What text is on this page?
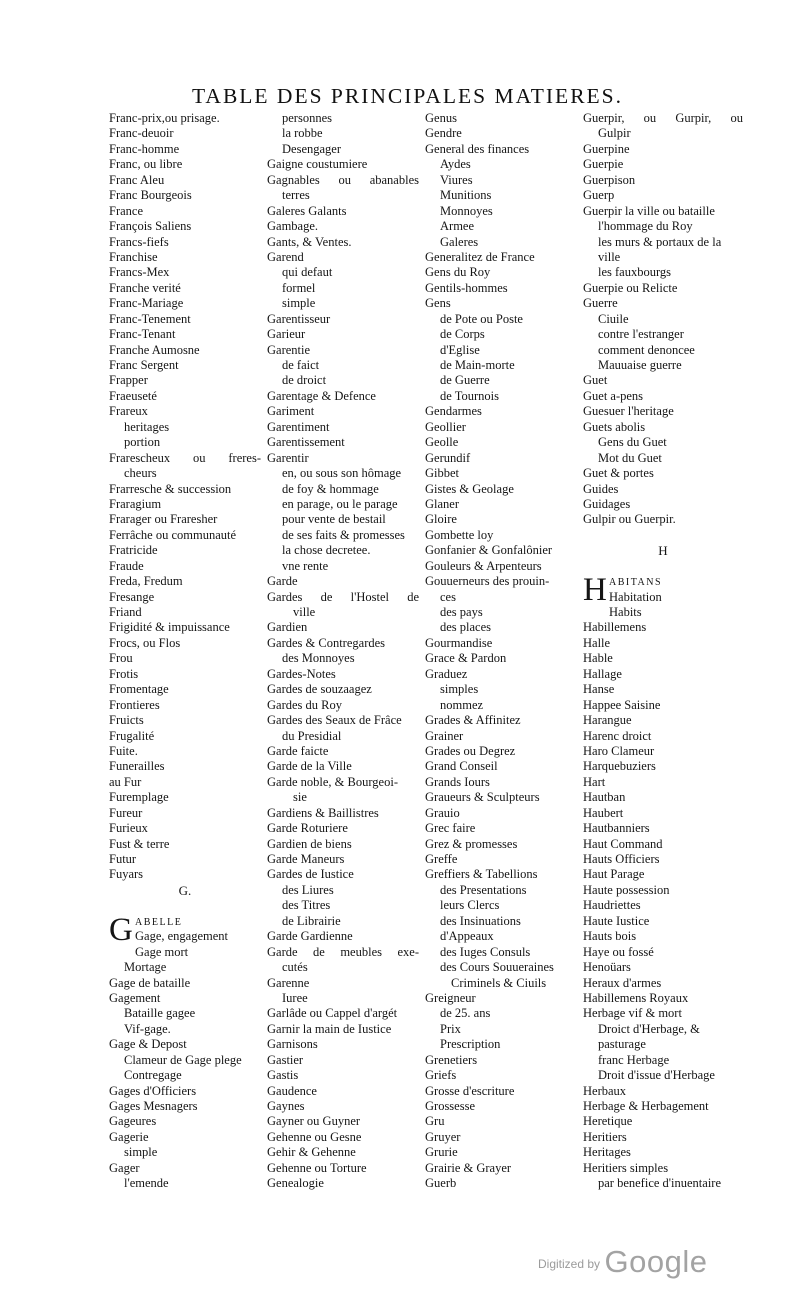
TABLE DES PRINCIPALES MATIERES.
Franc-prix,ou prisage.
Franc-deuoir
Franc-homme
Franc, ou libre
Franc Aleu
Franc Bourgeois
France
François Saliens
Francs-fiefs
Franchise
Francs-Mex
Franche verité
Franc-Mariage
Franc-Tenement
Franc-Tenant
Franche Aumosne
Franc Sergent
Frapper
Fraeuseté
Frareux
heritages
portion
Frarescheux ou freres-
cheurs
Frarresche & succession
Fraragium
Frarager ou Fraresher
Ferrâche ou communauté
Fratricide
Fraude
Freda, Fredum
Fresange
Friand
Frigidité & impuissance
Frocs, ou Flos
Frou
Frotis
Fromentage
Frontieres
Fruicts
Frugalité
Fuite.
Funerailles
au Fur
Furemplage
Fureur
Furieux
Fust & terre
Futur
Fuyars
G.
G ABELLE
Gage, engagement
Gage mort
Mortage
Gage de bataille
Gagement
Bataille gagee
Vif-gage.
Gage & Depost
Clameur de Gage plege
Contregage
Gages d'Officiers
Gages Mesnagers
Gageures
Gagerie
simple
Gager
l'emende
personnes
la robbe
Desengager
Gaigne coustumiere
Gagnables ou abanables
terres
Galeres Galants
Gambage.
Gants, & Ventes.
Garend
qui defaut
formel
simple
Garentisseur
Garieur
Garentie
de faict
de droict
Garentage & Defence
Gariment
Garentiment
Garentissement
Garentir
en, ou sous son hômage
de foy & hommage
en parage, ou le parage
pour vente de bestail
de ses faits & promesses
la chose decretee.
vne rente
Garde
Gardes de l'Hostel de
ville
Gardien
Gardes & Contregardes
des Monnoyes
Gardes-Notes
Gardes de souzaagez
Gardes du Roy
Gardes des Seaux de Frâce
du Presidial
Garde faicte
Garde de la Ville
Garde noble, & Bourgeoi-
sie
Gardiens & Baillistres
Garde Roturiere
Gardien de biens
Garde Maneurs
Gardes de Iustice
des Liures
des Titres
de Librairie
Garde Gardienne
Garde de meubles exe-
cutés
Garenne
Iuree
Garlâde ou Cappel d'argét
Garnir la main de Iustice
Garnisons
Gastier
Gastis
Gaudence
Gaynes
Gayner ou Guyner
Gehenne ou Gesne
Gehir & Gehenne
Gehenne ou Torture
Genealogie
Genus
Gendre
General des finances
Aydes
Viures
Munitions
Monnoyes
Armee
Galeres
Generalitez de France
Gens du Roy
Gentils-hommes
Gens
de Pote ou Poste
de Corps
d'Eglise
de Main-morte
de Guerre
de Tournois
Gendarmes
Geollier
Geolle
Gerundif
Gibbet
Gistes & Geolage
Glaner
Gloire
Gombette loy
Gonfanier & Gonfalônier
Gouleurs & Arpenteurs
Gouuerneurs des prouin-
ces
des pays
des places
Gourmandise
Grace & Pardon
Graduez
simples
nommez
Grades & Affinitez
Grainer
Grades ou Degrez
Grand Conseil
Grands Iours
Graueurs & Sculpteurs
Grauio
Grec faire
Grez & promesses
Greffe
Greffiers & Tabellions
des Presentations
leurs Clercs
des Insinuations
d'Appeaux
des Iuges Consuls
des Cours Souueraines
Criminels & Ciuils
Greigneur
de 25. ans
Prix
Prescription
Grenetiers
Griefs
Grosse d'escriture
Grossesse
Gru
Gruyer
Grurie
Grairie & Grayer
Guerb
Guerpir, ou Gurpir, ou
Gulpir
Guerpine
Guerpie
Guerpison
Guerp
Guerpir la ville ou bataille
l'hommage du Roy
les murs & portaux de la
ville
les fauxbourgs
Guerpie ou Relicte
Guerre
Ciuile
contre l'estranger
comment denoncee
Mauuaise guerre
Guet
Guet a-pens
Guesuer l'heritage
Guets abolis
Gens du Guet
Mot du Guet
Guet & portes
Guides
Guidages
Gulpir ou Guerpir.
H
H ABITANS
Habitation
Habits
Habillemens
Halle
Hable
Hallage
Hanse
Happee Saisine
Harangue
Harenc droict
Haro Clameur
Harquebuziers
Hart
Hautban
Haubert
Hautbanniers
Haut Command
Hauts Officiers
Haut Parage
Haute possession
Haudriettes
Haute Iustice
Hauts bois
Haye ou fossé
Henoüars
Heraux d'armes
Habillemens Royaux
Herbage vif & mort
Droict d'Herbage, &
pasturage
franc Herbage
Droit d'issue d'Herbage
Herbaux
Herbage & Herbagement
Heretique
Heritiers
Heritages
Heritiers simples
par benefice d'inuentaire
$^{Digitized by}$ Google
